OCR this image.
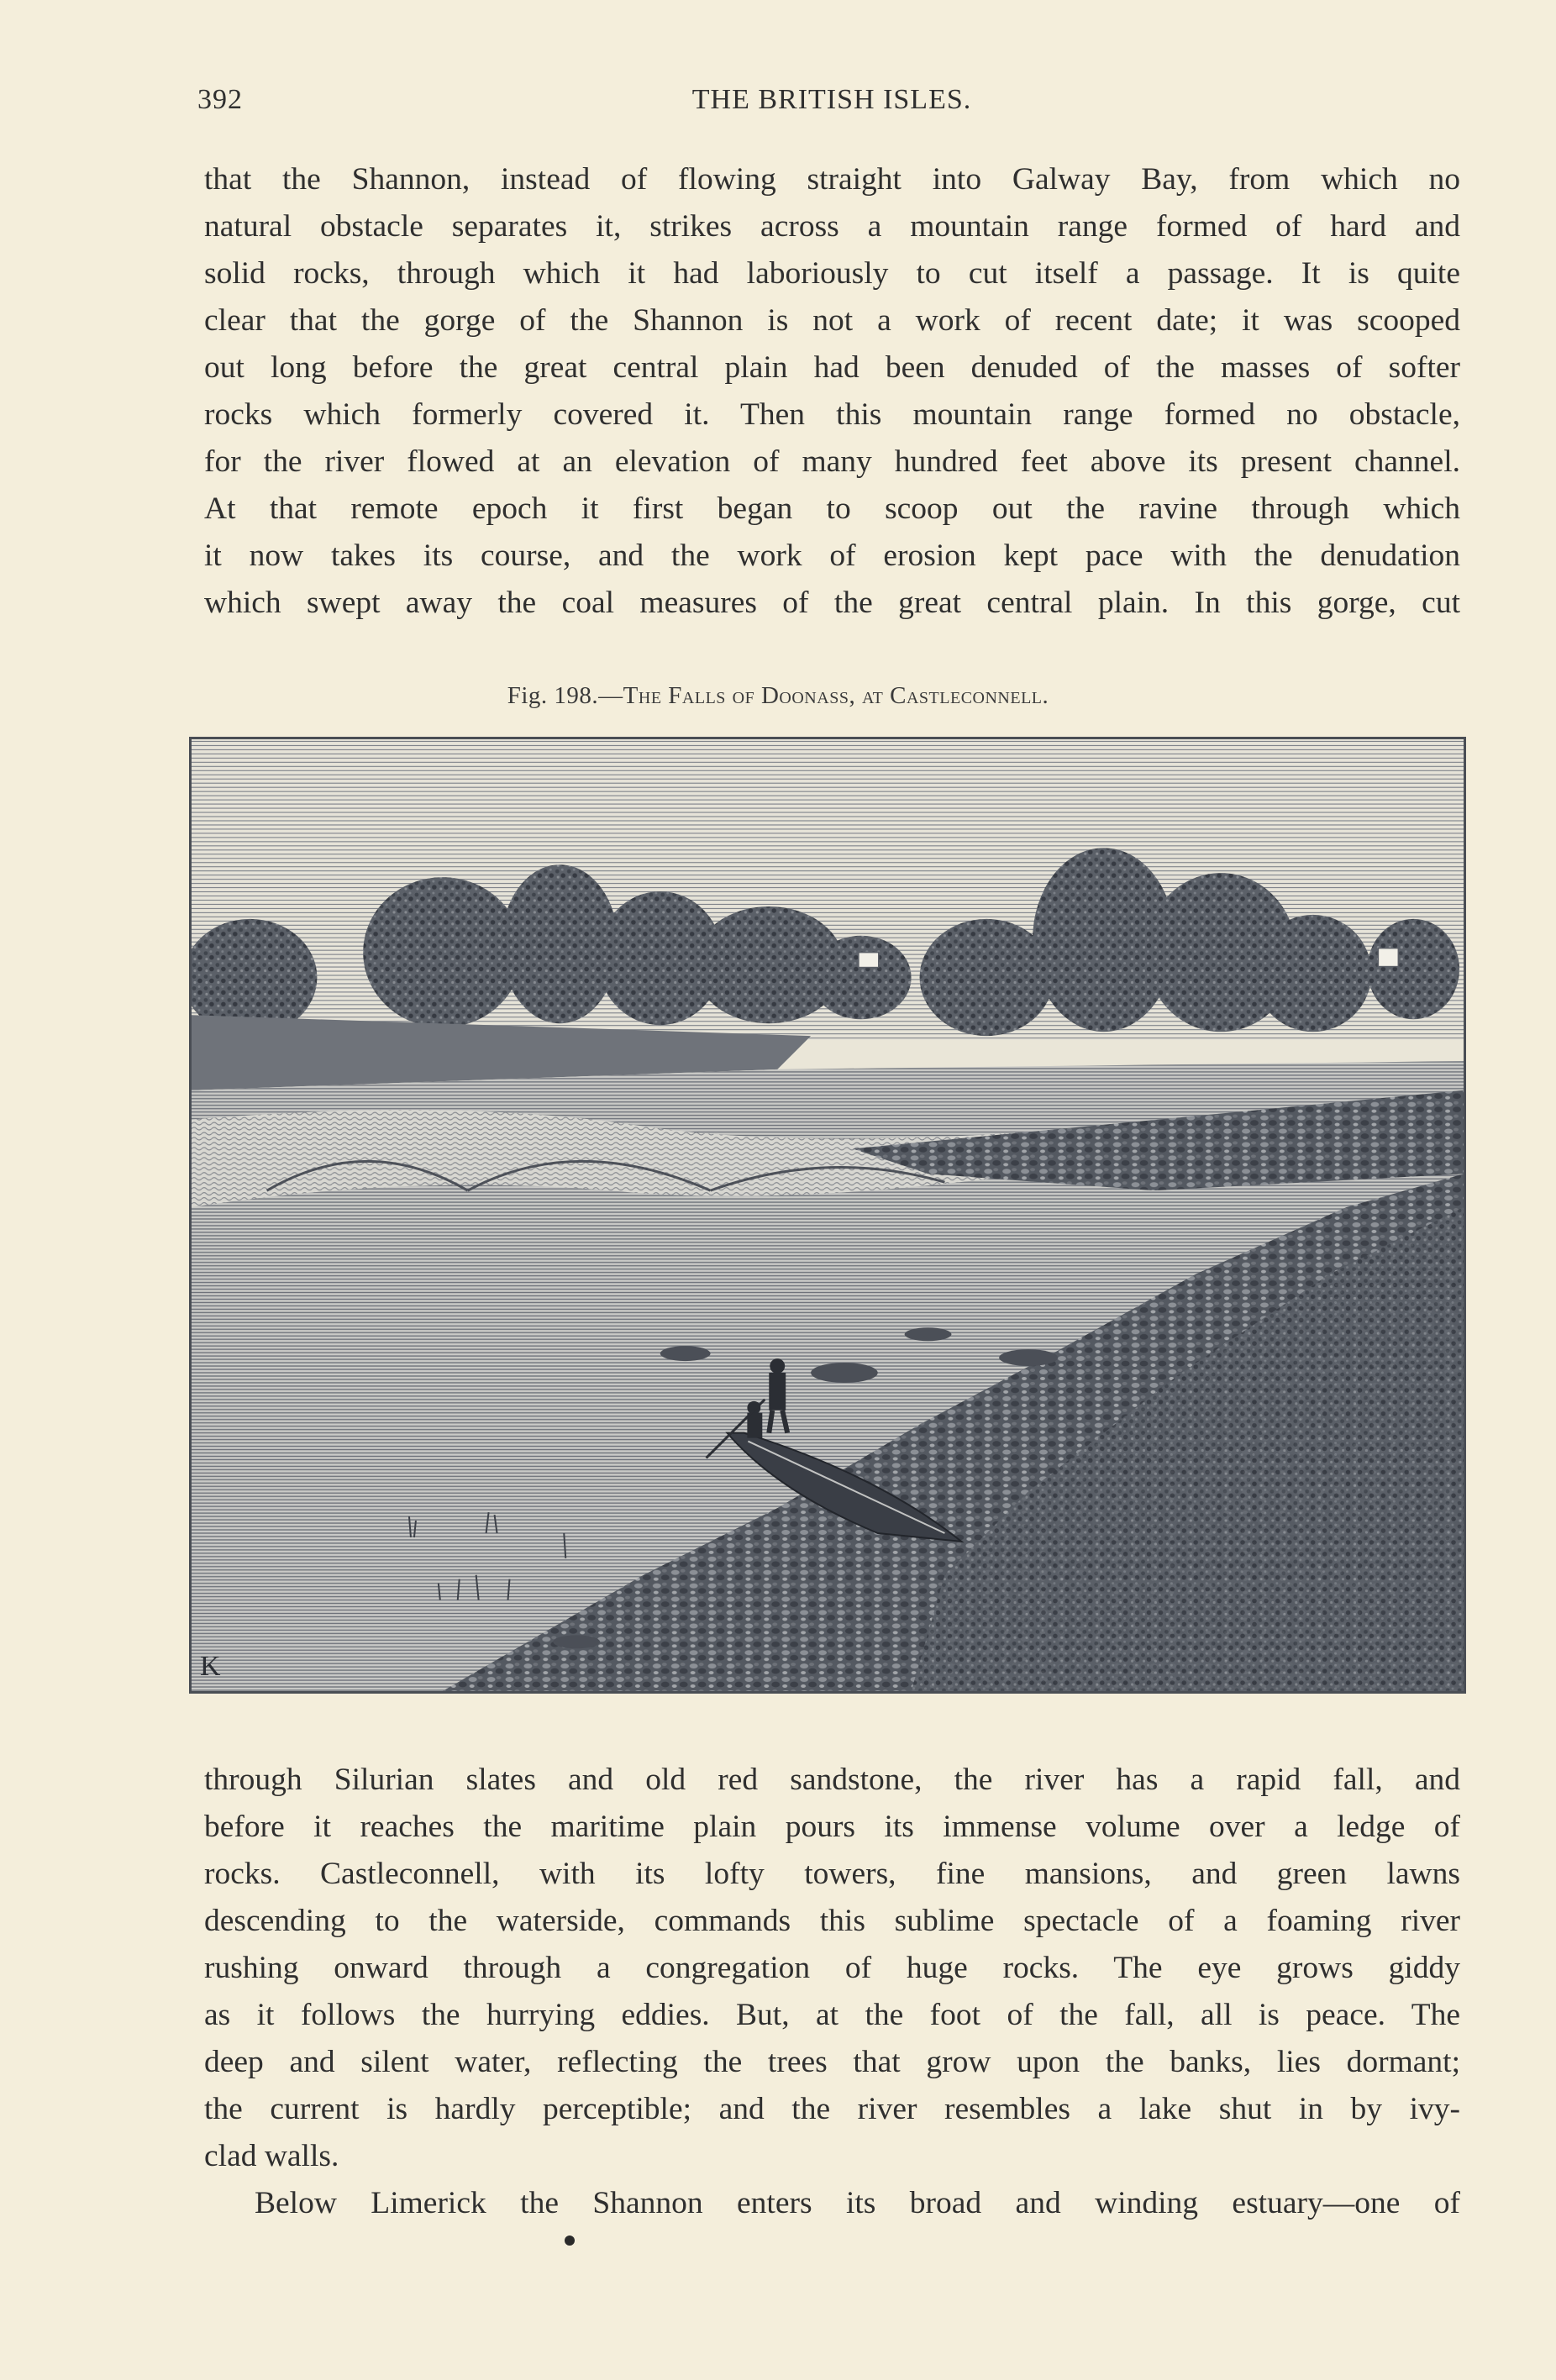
392	THE BRITISH ISLES.
that the Shannon, instead of flowing straight into Galway Bay, from which no
natural obstacle separates it, strikes across a mountain range formed of hard and
solid rocks, through which it had laboriously to cut itself a passage. It is quite
clear that the gorge of the Shannon is not a work of recent date; it was scooped
out long before the great central plain had been denuded of the masses of softer
rocks which formerly covered it. Then this mountain range formed no obstacle,
for the river flowed at an elevation of many hundred feet above its present channel.
At that remote epoch it first began to scoop out the ravine through which
it now takes its course, and the work of erosion kept pace with the denudation
which swept away the coal measures of the great central plain. In this gorge, cut
Fig. 198.—The Falls of Doonass, at Castleconnell.
K
through Silurian slates and old red sandstone, the river has a rapid fall, and
before it reaches the maritime plain pours its immense volume over a ledge of
rocks. Castleconnell, with its lofty towers, fine mansions, and green lawns
descending to the waterside, commands this sublime spectacle of a foaming river
rushing onward through a congregation of huge rocks. The eye grows giddy
as it follows the hurrying eddies. But, at the foot of the fall, all is peace. The
deep and silent water, reflecting the trees that grow upon the banks, lies dormant;
the current is hardly perceptible; and the river resembles a lake shut in by ivy-
clad walls.
Below Limerick the Shannon enters its broad and winding estuary—one of
